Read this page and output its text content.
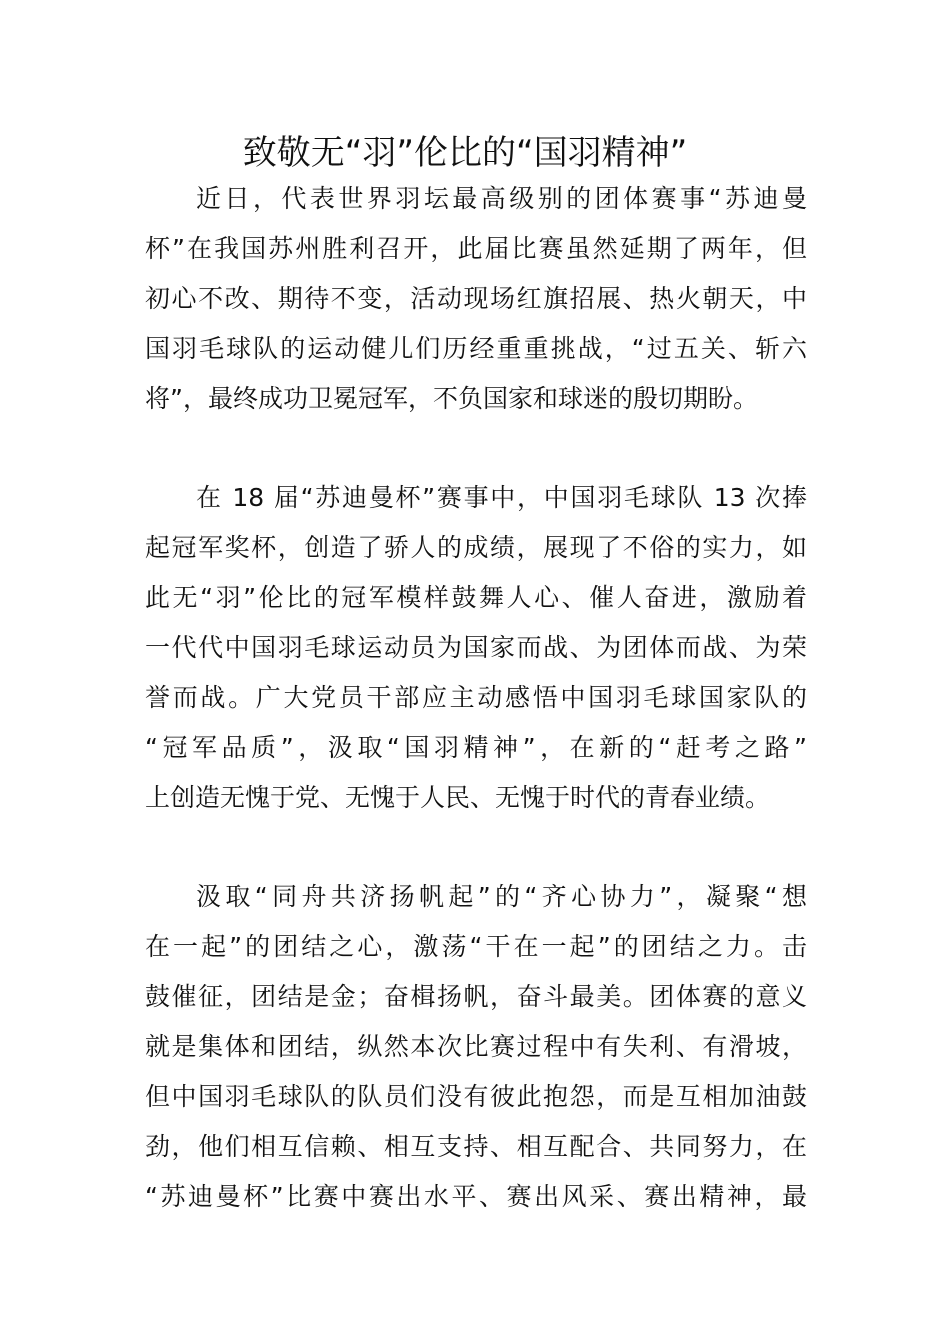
致敬无“羽”伦比的“国羽精神”
近日，代表世界羽坛最高级别的团体赛事“苏迪曼
杯”在我国苏州胜利召开，此届比赛虽然延期了两年，但
初心不改、期待不变，活动现场红旗招展、热火朝天，中
国羽毛球队的运动健儿们历经重重挑战，“过五关、斩六
将”，最终成功卫冕冠军，不负国家和球迷的殷切期盼。
在 18 届“苏迪曼杯”赛事中，中国羽毛球队 13 次捧
起冠军奖杯，创造了骄人的成绩，展现了不俗的实力，如
此无“羽”伦比的冠军模样鼓舞人心、催人奋进，激励着
一代代中国羽毛球运动员为国家而战、为团体而战、为荣
誉而战。广大党员干部应主动感悟中国羽毛球国家队的
“冠军品质”，汲取“国羽精神”，在新的“赶考之路”
上创造无愧于党、无愧于人民、无愧于时代的青春业绩。
汲取“同舟共济扬帆起”的“齐心协力”，凝聚“想
在一起”的团结之心，激荡“干在一起”的团结之力。击
鼓催征，团结是金；奋楫扬帆，奋斗最美。团体赛的意义
就是集体和团结，纵然本次比赛过程中有失利、有滑坡，
但中国羽毛球队的队员们没有彼此抱怨，而是互相加油鼓
劲，他们相互信赖、相互支持、相互配合、共同努力，在
“苏迪曼杯”比赛中赛出水平、赛出风采、赛出精神，最
